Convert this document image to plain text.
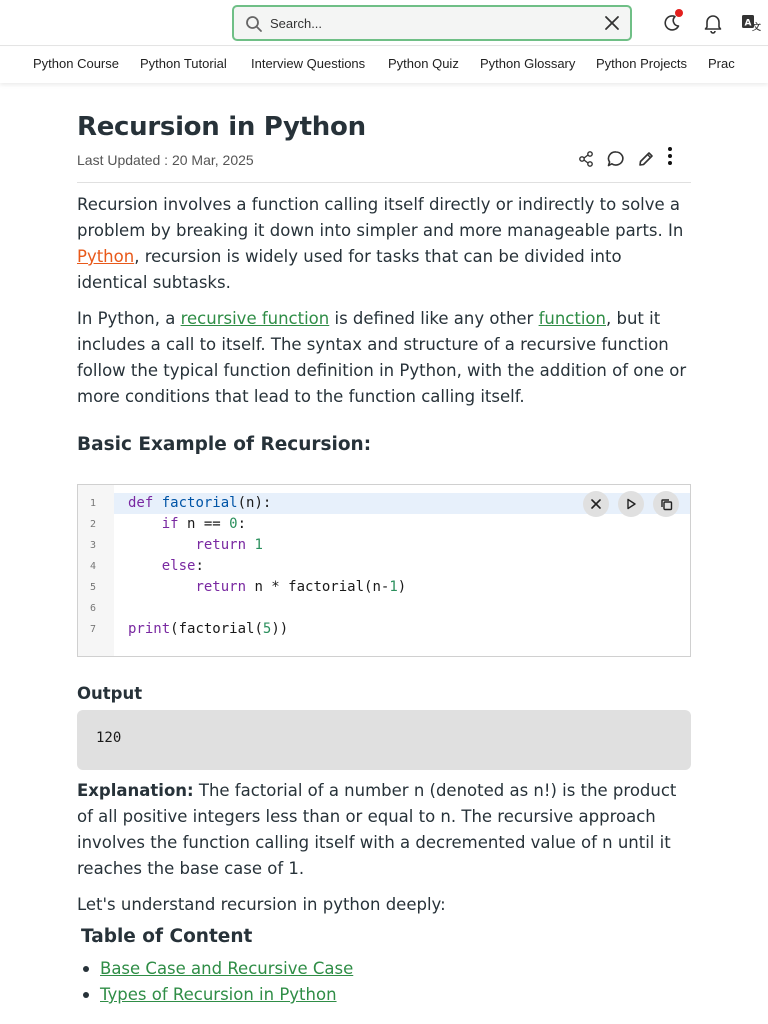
Search...
A 文
Python Course Python Tutorial Interview Questions Python Quiz Python Glossary Python Projects Prac
Recursion in Python
Last Updated : 20 Mar, 2025

Recursion involves a function calling itself directly or indirectly to solve a problem by breaking it down into simpler and more manageable parts. In Python, recursion is widely used for tasks that can be divided into identical subtasks.

In Python, a recursive function is defined like any other function, but it includes a call to itself. The syntax and structure of a recursive function follow the typical function definition in Python, with the addition of one or more conditions that lead to the function calling itself.

Basic Example of Recursion:
1
2
3
4
5
6
7
def factorial(n):
if n == 0:
return 1
else:
return n * factorial(n-1)
print(factorial(5))
Output
120

Explanation: The factorial of a number n (denoted as n!) is the product of all positive integers less than or equal to n. The recursive approach involves the function calling itself with a decremented value of n until it reaches the base case of 1.

Let's understand recursion in python deeply:

Table of Content
Base Case and Recursive Case
Types of Recursion in Python
